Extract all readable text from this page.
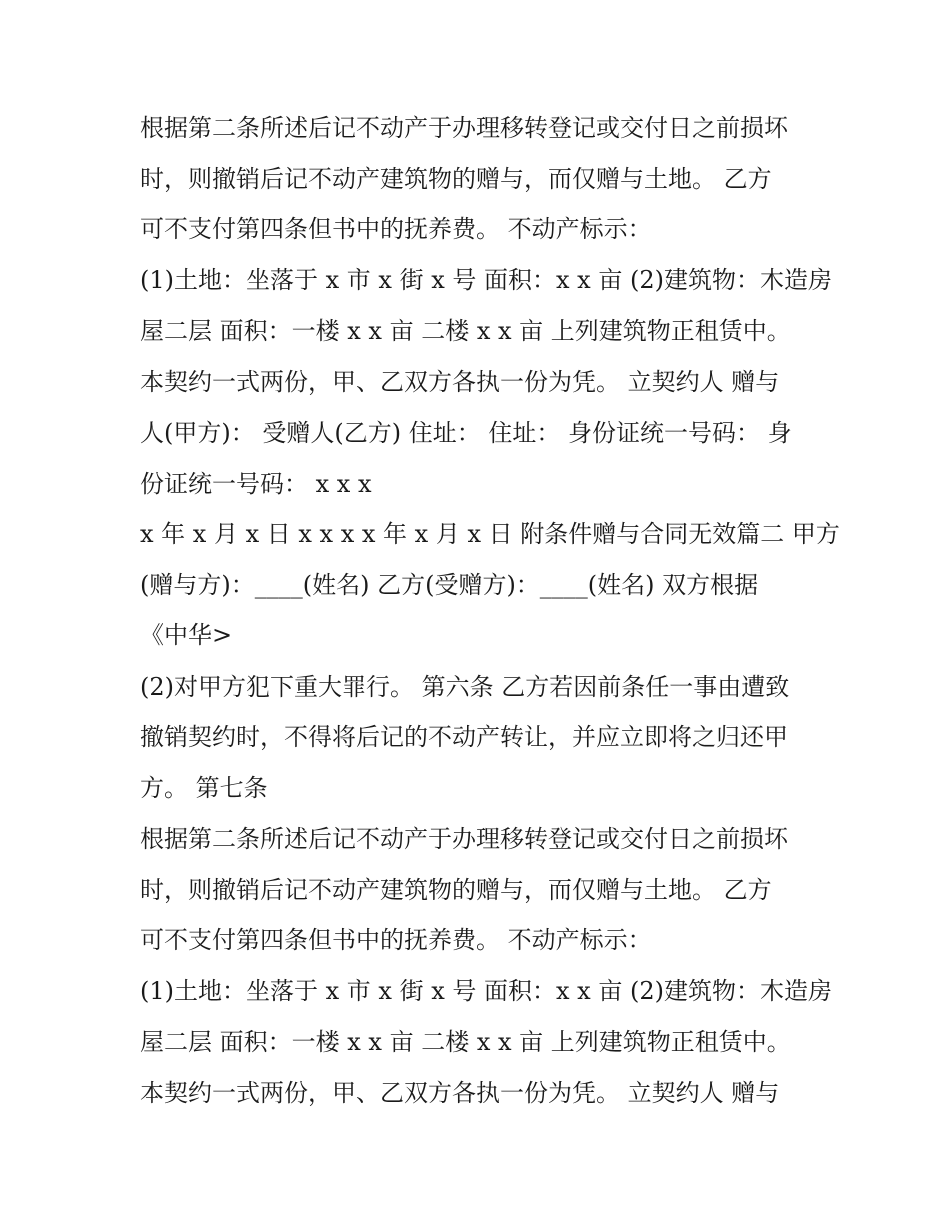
根据第二条所述后记不动产于办理移转登记或交付日之前损坏
时，则撤销后记不动产建筑物的赠与，而仅赠与土地。 乙方
可不支付第四条但书中的抚养费。 不动产标示：
(1)土地：坐落于 x 市 x 街 x 号 面积：x x 亩 (2)建筑物：木造房
屋二层 面积：一楼 x x 亩 二楼 x x 亩 上列建筑物正租赁中。
本契约一式两份，甲、乙双方各执一份为凭。 立契约人 赠与
人(甲方)： 受赠人(乙方) 住址： 住址： 身份证统一号码： 身
份证统一号码： x x x
x 年 x 月 x 日 x x x x 年 x 月 x 日 附条件赠与合同无效篇二 甲方
(赠与方)：____(姓名) 乙方(受赠方)：____(姓名) 双方根据
《中华>
(2)对甲方犯下重大罪行。 第六条 乙方若因前条任一事由遭致
撤销契约时，不得将后记的不动产转让，并应立即将之归还甲
方。 第七条
根据第二条所述后记不动产于办理移转登记或交付日之前损坏
时，则撤销后记不动产建筑物的赠与，而仅赠与土地。 乙方
可不支付第四条但书中的抚养费。 不动产标示：
(1)土地：坐落于 x 市 x 街 x 号 面积：x x 亩 (2)建筑物：木造房
屋二层 面积：一楼 x x 亩 二楼 x x 亩 上列建筑物正租赁中。
本契约一式两份，甲、乙双方各执一份为凭。 立契约人 赠与
